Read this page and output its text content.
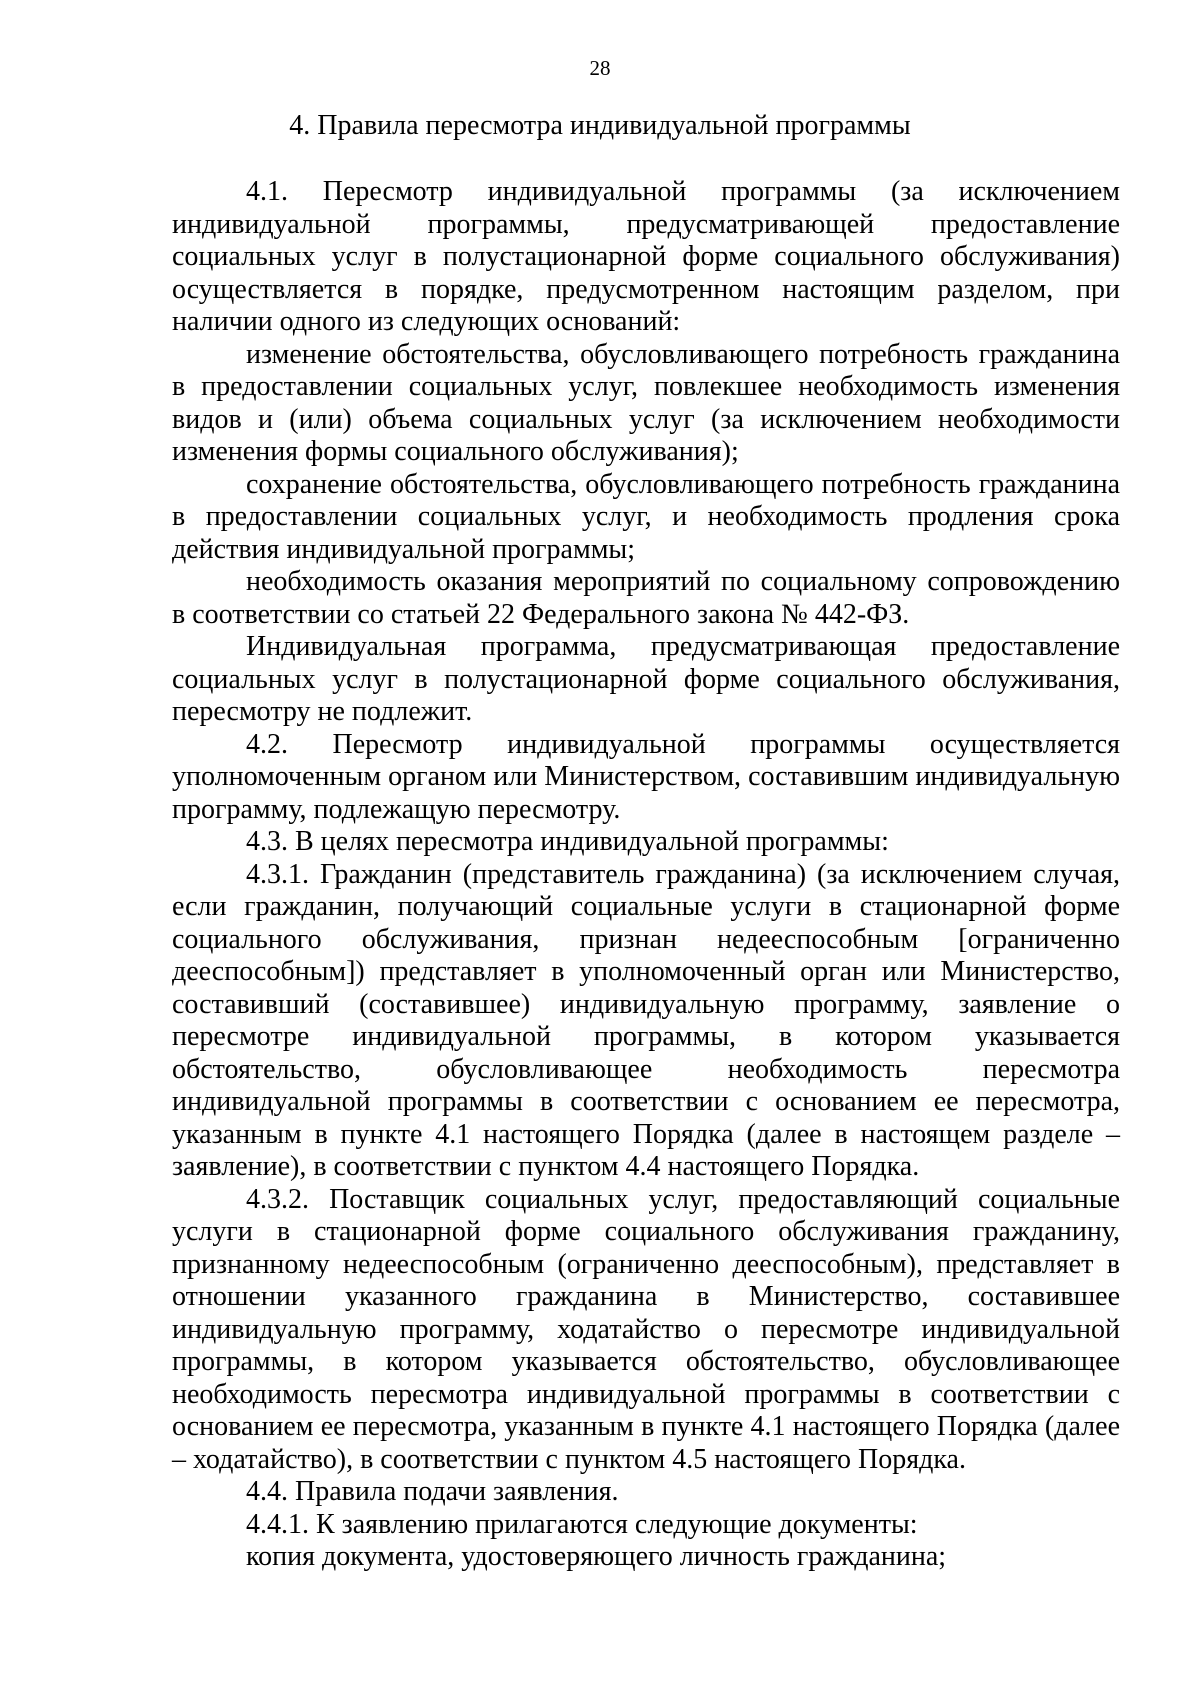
28
4. Правила пересмотра индивидуальной программы

4.1. Пересмотр индивидуальной программы (за исключением индивидуальной программы, предусматривающей предоставление социальных услуг в полустационарной форме социального обслуживания) осуществляется в порядке, предусмотренном настоящим разделом, при наличии одного из следующих оснований:

изменение обстоятельства, обусловливающего потребность гражданина в предоставлении социальных услуг, повлекшее необходимость изменения видов и (или) объема социальных услуг (за исключением необходимости изменения формы социального обслуживания);

сохранение обстоятельства, обусловливающего потребность гражданина в предоставлении социальных услуг, и необходимость продления срока действия индивидуальной программы;

необходимость оказания мероприятий по социальному сопровождению в соответствии со статьей 22 Федерального закона № 442-ФЗ.

Индивидуальная программа, предусматривающая предоставление социальных услуг в полустационарной форме социального обслуживания, пересмотру не подлежит.

4.2. Пересмотр индивидуальной программы осуществляется уполномоченным органом или Министерством, составившим индивидуальную программу, подлежащую пересмотру.

4.3. В целях пересмотра индивидуальной программы:

4.3.1. Гражданин (представитель гражданина) (за исключением случая, если гражданин, получающий социальные услуги в стационарной форме социального обслуживания, признан недееспособным [ограниченно дееспособным]) представляет в уполномоченный орган или Министерство, составивший (составившее) индивидуальную программу, заявление о пересмотре индивидуальной программы, в котором указывается обстоятельство, обусловливающее необходимость пересмотра индивидуальной программы в соответствии с основанием ее пересмотра, указанным в пункте 4.1 настоящего Порядка (далее в настоящем разделе – заявление), в соответствии с пунктом 4.4 настоящего Порядка.

4.3.2. Поставщик социальных услуг, предоставляющий социальные услуги в стационарной форме социального обслуживания гражданину, признанному недееспособным (ограниченно дееспособным), представляет в отношении указанного гражданина в Министерство, составившее индивидуальную программу, ходатайство о пересмотре индивидуальной программы, в котором указывается обстоятельство, обусловливающее необходимость пересмотра индивидуальной программы в соответствии с основанием ее пересмотра, указанным в пункте 4.1 настоящего Порядка (далее – ходатайство), в соответствии с пунктом 4.5 настоящего Порядка.

4.4. Правила подачи заявления.

4.4.1. К заявлению прилагаются следующие документы:

копия документа, удостоверяющего личность гражданина;
